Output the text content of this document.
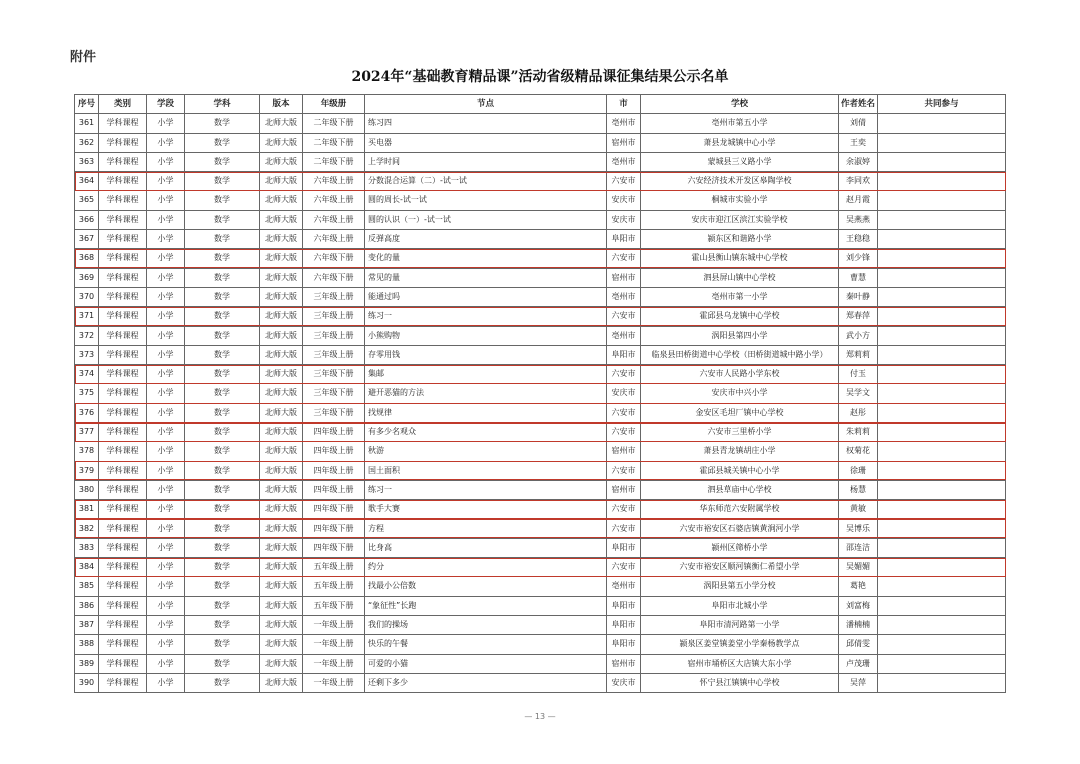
附件
2024年“基础教育精品课”活动省级精品课征集结果公示名单
序号	类别	学段	学科	版本	年级册	节点	市	学校	作者姓名	共同参与
361	学科课程	小学	数学	北师大版	二年级下册	练习四	亳州市	亳州市第五小学	刘倩	
362	学科课程	小学	数学	北师大版	二年级下册	买电器	宿州市	萧县龙城镇中心小学	王奕	
363	学科课程	小学	数学	北师大版	二年级下册	上学时间	亳州市	蒙城县三义路小学	余淑婷	
364	学科课程	小学	数学	北师大版	六年级上册	分数混合运算（二）-试一试	六安市	六安经济技术开发区皋陶学校	李同欢	
365	学科课程	小学	数学	北师大版	六年级上册	圆的周长-试一试	安庆市	桐城市实验小学	赵月霞	
366	学科课程	小学	数学	北师大版	六年级上册	圆的认识（一）-试一试	安庆市	安庆市迎江区滨江实验学校	吴燕燕	
367	学科课程	小学	数学	北师大版	六年级上册	反弹高度	阜阳市	颍东区和谐路小学	王稳稳	
368	学科课程	小学	数学	北师大版	六年级下册	变化的量	六安市	霍山县衡山镇东城中心学校	刘少锋	
369	学科课程	小学	数学	北师大版	六年级下册	常见的量	宿州市	泗县屏山镇中心学校	曹慧	
370	学科课程	小学	数学	北师大版	三年级上册	能通过吗	亳州市	亳州市第一小学	秦叶静	
371	学科课程	小学	数学	北师大版	三年级上册	练习一	六安市	霍邱县乌龙镇中心学校	郑春萍	
372	学科课程	小学	数学	北师大版	三年级上册	小熊购物	亳州市	涡阳县第四小学	武小方	
373	学科课程	小学	数学	北师大版	三年级上册	存零用钱	阜阳市	临泉县田桥街道中心学校（田桥街道城中路小学）	郑莉莉	
374	学科课程	小学	数学	北师大版	三年级下册	集邮	六安市	六安市人民路小学东校	付玉	
375	学科课程	小学	数学	北师大版	三年级下册	避开恶猫的方法	安庆市	安庆市中兴小学	吴学文	
376	学科课程	小学	数学	北师大版	三年级下册	找规律	六安市	金安区毛坦厂镇中心学校	赵彤	
377	学科课程	小学	数学	北师大版	四年级上册	有多少名观众	六安市	六安市三里桥小学	朱莉莉	
378	学科课程	小学	数学	北师大版	四年级上册	秋游	宿州市	萧县青龙镇胡庄小学	权菊花	
379	学科课程	小学	数学	北师大版	四年级上册	国土面积	六安市	霍邱县城关镇中心小学	徐珊	
380	学科课程	小学	数学	北师大版	四年级上册	练习一	宿州市	泗县草庙中心学校	杨慧	
381	学科课程	小学	数学	北师大版	四年级下册	歌手大赛	六安市	华东师范六安附属学校	黄敏	
382	学科课程	小学	数学	北师大版	四年级下册	方程	六安市	六安市裕安区石婆店镇黄涧河小学	吴博乐	
383	学科课程	小学	数学	北师大版	四年级下册	比身高	阜阳市	颍州区筛桥小学	邵连洁	
384	学科课程	小学	数学	北师大版	五年级上册	约分	六安市	六安市裕安区顺河镇衡仁希望小学	吴媚媚	
385	学科课程	小学	数学	北师大版	五年级上册	找最小公倍数	亳州市	涡阳县第五小学分校	葛艳	
386	学科课程	小学	数学	北师大版	五年级下册	“象征性”长跑	阜阳市	阜阳市北城小学	刘富梅	
387	学科课程	小学	数学	北师大版	一年级上册	我们的操场	阜阳市	阜阳市清河路第一小学	潘楠楠	
388	学科课程	小学	数学	北师大版	一年级上册	快乐的午餐	阜阳市	颍泉区姜堂镇姜堂小学秦杨教学点	邱倩雯	
389	学科课程	小学	数学	北师大版	一年级上册	可爱的小猫	宿州市	宿州市埇桥区大店镇大东小学	卢茂珊	
390	学科课程	小学	数学	北师大版	一年级上册	还剩下多少	安庆市	怀宁县江镇镇中心学校	吴萍	
— 13 —
